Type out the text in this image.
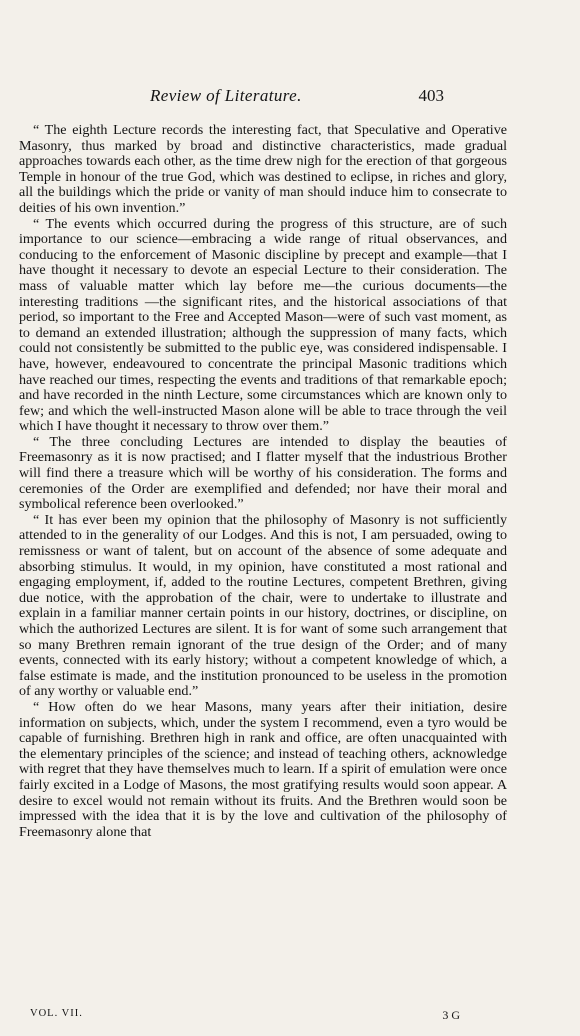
Review of Literature.	403

“ The eighth Lecture records the interesting fact, that Speculative and Operative Masonry, thus marked by broad and distinctive characteristics, made gradual approaches towards each other, as the time drew nigh for the erection of that gorgeous Temple in honour of the true God, which was destined to eclipse, in riches and glory, all the buildings which the pride or vanity of man should induce him to consecrate to deities of his own invention.”

“ The events which occurred during the progress of this structure, are of such importance to our science—embracing a wide range of ritual observances, and conducing to the enforcement of Masonic discipline by precept and example—that I have thought it necessary to devote an especial Lecture to their consideration. The mass of valuable matter which lay before me—the curious documents—the interesting traditions —the significant rites, and the historical associations of that period, so important to the Free and Accepted Mason—were of such vast moment, as to demand an extended illustration; although the suppression of many facts, which could not consistently be submitted to the public eye, was considered indispensable. I have, however, endeavoured to concentrate the principal Masonic traditions which have reached our times, respecting the events and traditions of that remarkable epoch; and have recorded in the ninth Lecture, some circumstances which are known only to few; and which the well-instructed Mason alone will be able to trace through the veil which I have thought it necessary to throw over them.”

“ The three concluding Lectures are intended to display the beauties of Freemasonry as it is now practised; and I flatter myself that the industrious Brother will find there a treasure which will be worthy of his consideration. The forms and ceremonies of the Order are exemplified and defended; nor have their moral and symbolical reference been overlooked.”

“ It has ever been my opinion that the philosophy of Masonry is not sufficiently attended to in the generality of our Lodges. And this is not, I am persuaded, owing to remissness or want of talent, but on account of the absence of some adequate and absorbing stimulus. It would, in my opinion, have constituted a most rational and engaging employment, if, added to the routine Lectures, competent Brethren, giving due notice, with the approbation of the chair, were to undertake to illustrate and explain in a familiar manner certain points in our history, doctrines, or discipline, on which the authorized Lectures are silent. It is for want of some such arrangement that so many Brethren remain ignorant of the true design of the Order; and of many events, connected with its early history; without a competent knowledge of which, a false estimate is made, and the institution pronounced to be useless in the promotion of any worthy or valuable end.”

“ How often do we hear Masons, many years after their initiation, desire information on subjects, which, under the system I recommend, even a tyro would be capable of furnishing. Brethren high in rank and office, are often unacquainted with the elementary principles of the science; and instead of teaching others, acknowledge with regret that they have themselves much to learn. If a spirit of emulation were once fairly excited in a Lodge of Masons, the most gratifying results would soon appear. A desire to excel would not remain without its fruits. And the Brethren would soon be impressed with the idea that it is by the love and cultivation of the philosophy of Freemasonry alone that

VOL. VII.	3 G
